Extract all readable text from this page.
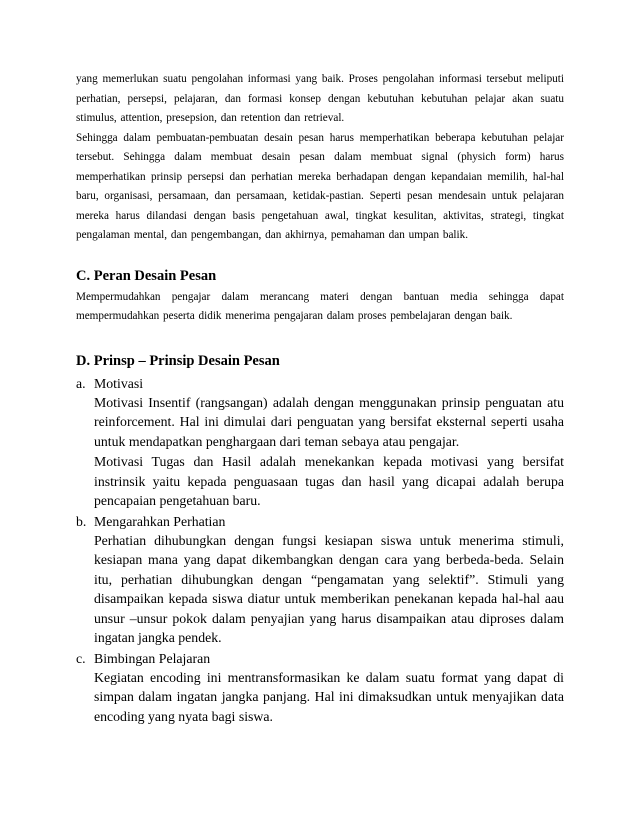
yang memerlukan suatu pengolahan informasi yang baik. Proses pengolahan informasi tersebut meliputi perhatian, persepsi, pelajaran, dan formasi konsep dengan kebutuhan kebutuhan pelajar akan suatu stimulus, attention, presepsion, dan retention dan retrieval.

Sehingga dalam pembuatan-pembuatan desain pesan harus memperhatikan beberapa kebutuhan pelajar tersebut. Sehingga dalam membuat desain pesan dalam membuat signal (physich form) harus memperhatikan prinsip persepsi dan perhatian mereka berhadapan dengan kepandaian memilih, hal-hal baru, organisasi, persamaan, dan persamaan, ketidak-pastian. Seperti pesan mendesain untuk pelajaran mereka harus dilandasi dengan basis pengetahuan awal, tingkat kesulitan, aktivitas, strategi, tingkat pengalaman mental, dan pengembangan, dan akhirnya, pemahaman dan umpan balik.

C. Peran Desain Pesan

Mempermudahkan pengajar dalam merancang materi dengan bantuan media sehingga dapat mempermudahkan peserta didik menerima pengajaran dalam proses pembelajaran dengan baik.

D. Prinsp – Prinsip Desain Pesan

a. Motivasi

Motivasi Insentif (rangsangan) adalah dengan menggunakan prinsip penguatan atu reinforcement. Hal ini dimulai dari penguatan yang bersifat eksternal seperti usaha untuk mendapatkan penghargaan dari teman sebaya atau pengajar.

Motivasi Tugas dan Hasil adalah menekankan kepada motivasi yang bersifat instrinsik yaitu kepada penguasaan tugas dan hasil yang dicapai adalah berupa pencapaian pengetahuan baru.

b. Mengarahkan Perhatian

Perhatian dihubungkan dengan fungsi kesiapan siswa untuk menerima stimuli, kesiapan mana yang dapat dikembangkan dengan cara yang berbeda-beda. Selain itu, perhatian dihubungkan dengan “pengamatan yang selektif”. Stimuli yang disampaikan kepada siswa diatur untuk memberikan penekanan kepada hal-hal aau unsur –unsur pokok dalam penyajian yang harus disampaikan atau diproses dalam ingatan jangka pendek.

c. Bimbingan Pelajaran

Kegiatan encoding ini mentransformasikan ke dalam suatu format yang dapat di simpan dalam ingatan jangka panjang. Hal ini dimaksudkan untuk menyajikan data encoding yang nyata bagi siswa.
